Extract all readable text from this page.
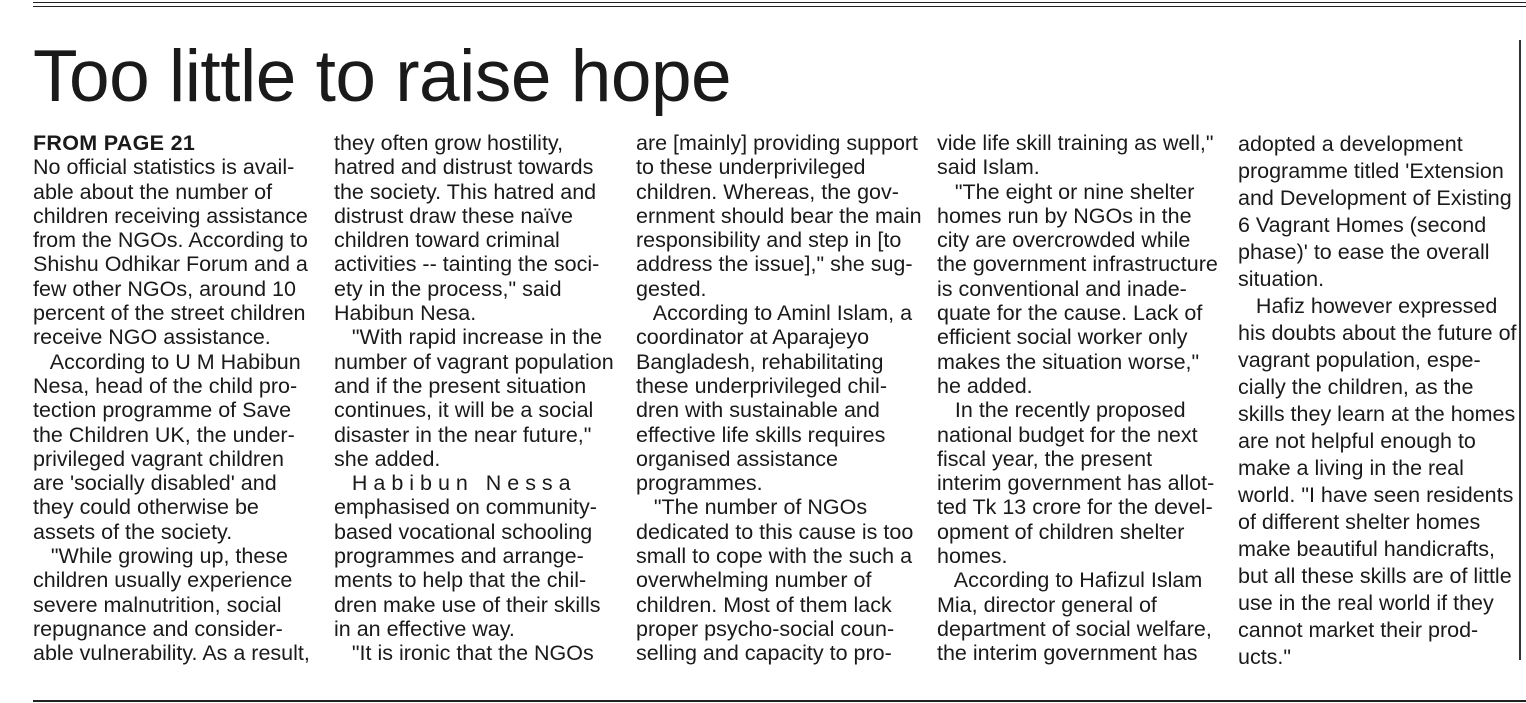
Too little to raise hope
FROM PAGE 21

No official statistics is avail-

able about the number of

children receiving assistance

from the NGOs. According to

Shishu Odhikar Forum and a

few other NGOs, around 10

percent of the street children

receive NGO assistance.

According to U M Habibun

Nesa, head of the child pro-

tection programme of Save

the Children UK, the under-

privileged vagrant children

are 'socially disabled' and

they could otherwise be

assets of the society.

"While growing up, these

children usually experience

severe malnutrition, social

repugnance and consider-

able vulnerability. As a result,

they often grow hostility,

hatred and distrust towards

the society. This hatred and

distrust draw these naïve

children toward criminal

activities -- tainting the soci-

ety in the process," said

Habibun Nesa.

"With rapid increase in the

number of vagrant population

and if the present situation

continues, it will be a social

disaster in the near future,"

she added.

H a b i b u n   N e s s a

emphasised on community-

based vocational schooling

programmes and arrange-

ments to help that the chil-

dren make use of their skills

in an effective way.

"It is ironic that the NGOs

are [mainly] providing support

to these underprivileged

children. Whereas, the gov-

ernment should bear the main

responsibility and step in [to

address the issue]," she sug-

gested.

According to Aminl Islam, a

coordinator at Aparajeyo

Bangladesh, rehabilitating

these underprivileged chil-

dren with sustainable and

effective life skills requires

organised assistance

programmes.

"The number of NGOs

dedicated to this cause is too

small to cope with the such a

overwhelming number of

children. Most of them lack

proper psycho-social coun-

selling and capacity to pro-

vide life skill training as well,"

said Islam.

"The eight or nine shelter

homes run by NGOs in the

city are overcrowded while

the government infrastructure

is conventional and inade-

quate for the cause. Lack of

efficient social worker only

makes the situation worse,"

he added.

In the recently proposed

national budget for the next

fiscal year, the present

interim government has allot-

ted Tk 13 crore for the devel-

opment of children shelter

homes.

According to Hafizul Islam

Mia, director general of

department of social welfare,

the interim government has

adopted a development

programme titled 'Extension

and Development of Existing

6 Vagrant Homes (second

phase)' to ease the overall

situation.

Hafiz however expressed

his doubts about the future of

vagrant population, espe-

cially the children, as the

skills they learn at the homes

are not helpful enough to

make a living in the real

world. "I have seen residents

of different shelter homes

make beautiful handicrafts,

but all these skills are of little

use in the real world if they

cannot market their prod-

ucts."
